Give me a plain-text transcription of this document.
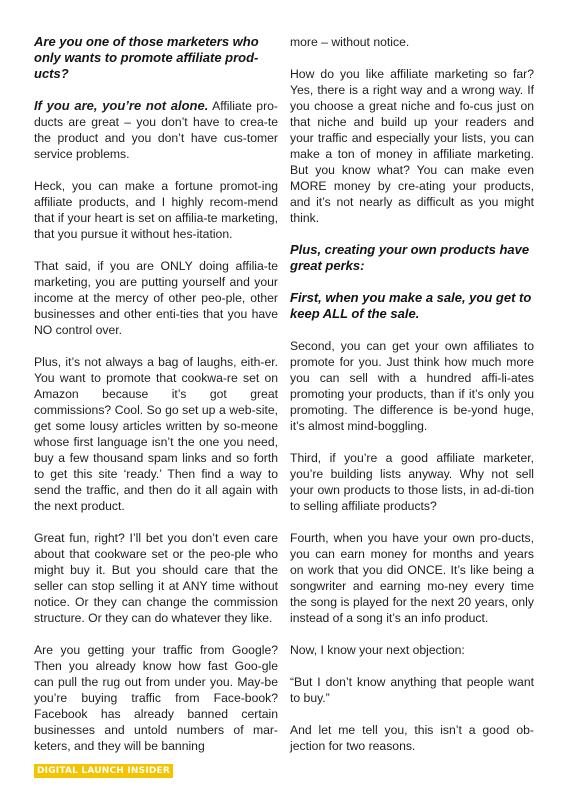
Are you one of those marketers who only wants to promote affiliate prod-ucts?

If you are, you’re not alone. Affiliate pro-ducts are great – you don’t have to crea-te the product and you don’t have cus-tomer service problems.

Heck, you can make a fortune promot-ing affiliate products, and I highly recom-mend that if your heart is set on affilia-te marketing, that you pursue it without hes-itation.

That said, if you are ONLY doing affilia-te marketing, you are putting yourself and your income at the mercy of other peo-ple, other businesses and other enti-ties that you have NO control over.

Plus, it’s not always a bag of laughs, eith-er. You want to promote that cookwa-re set on Amazon because it’s got great commissions? Cool. So go set up a web-site, get some lousy articles written by so-meone whose first language isn’t the one you need, buy a few thousand spam links and so forth to get this site ‘ready.’ Then find a way to send the traffic, and then do it all again with the next product.

Great fun, right? I’ll bet you don’t even care about that cookware set or the peo-ple who might buy it. But you should care that the seller can stop selling it at ANY time without notice. Or they can change the commission structure. Or they can do whatever they like.

Are you getting your traffic from Google? Then you already know how fast Goo-gle can pull the rug out from under you. May-be you’re buying traffic from Face-book? Facebook has already banned certain businesses and untold numbers of mar-keters, and they will be banning

more – without notice.

How do you like affiliate marketing so far? Yes, there is a right way and a wrong way. If you choose a great niche and fo-cus just on that niche and build up your readers and your traffic and especially your lists, you can make a ton of money in affiliate marketing. But you know what? You can make even MORE money by cre-ating your products, and it’s not nearly as difficult as you might think.

Plus, creating your own products have great perks:
First, when you make a sale, you get to keep ALL of the sale.

Second, you can get your own affiliates to promote for you. Just think how much more you can sell with a hundred affi-li-ates promoting your products, than if it’s only you promoting. The difference is be-yond huge, it’s almost mind-boggling.

Third, if you’re a good affiliate marketer, you’re building lists anyway. Why not sell your own products to those lists, in ad-di-tion to selling affiliate products?

Fourth, when you have your own pro-ducts, you can earn money for months and years on work that you did ONCE. It’s like being a songwriter and earning mo-ney every time the song is played for the next 20 years, only instead of a song it’s an info product.

Now, I know your next objection:

“But I don’t know anything that people want to buy.”

And let me tell you, this isn’t a good ob-jection for two reasons.

DIGITAL LAUNCH INSIDER
